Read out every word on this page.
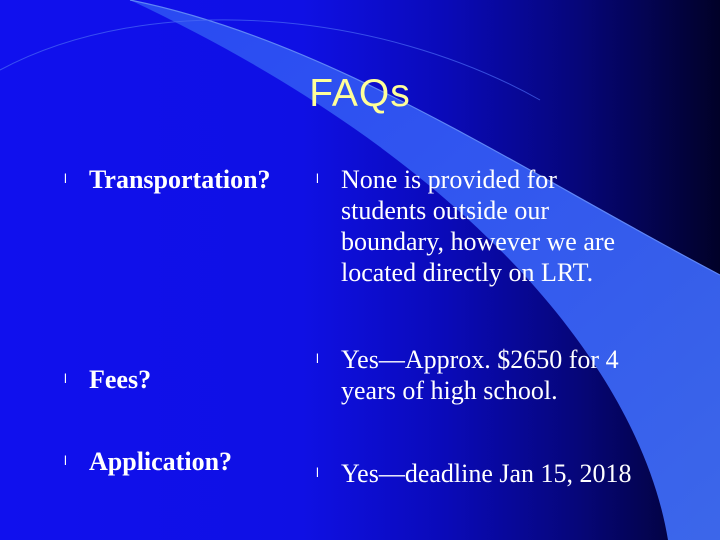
FAQs
l Transportation?
l Fees?
l Application?
l None is provided for
students outside our
boundary, however we are
located directly on LRT.
l Yes—Approx. $2650 for 4
years of high school.
l Yes—deadline Jan 15, 2018
